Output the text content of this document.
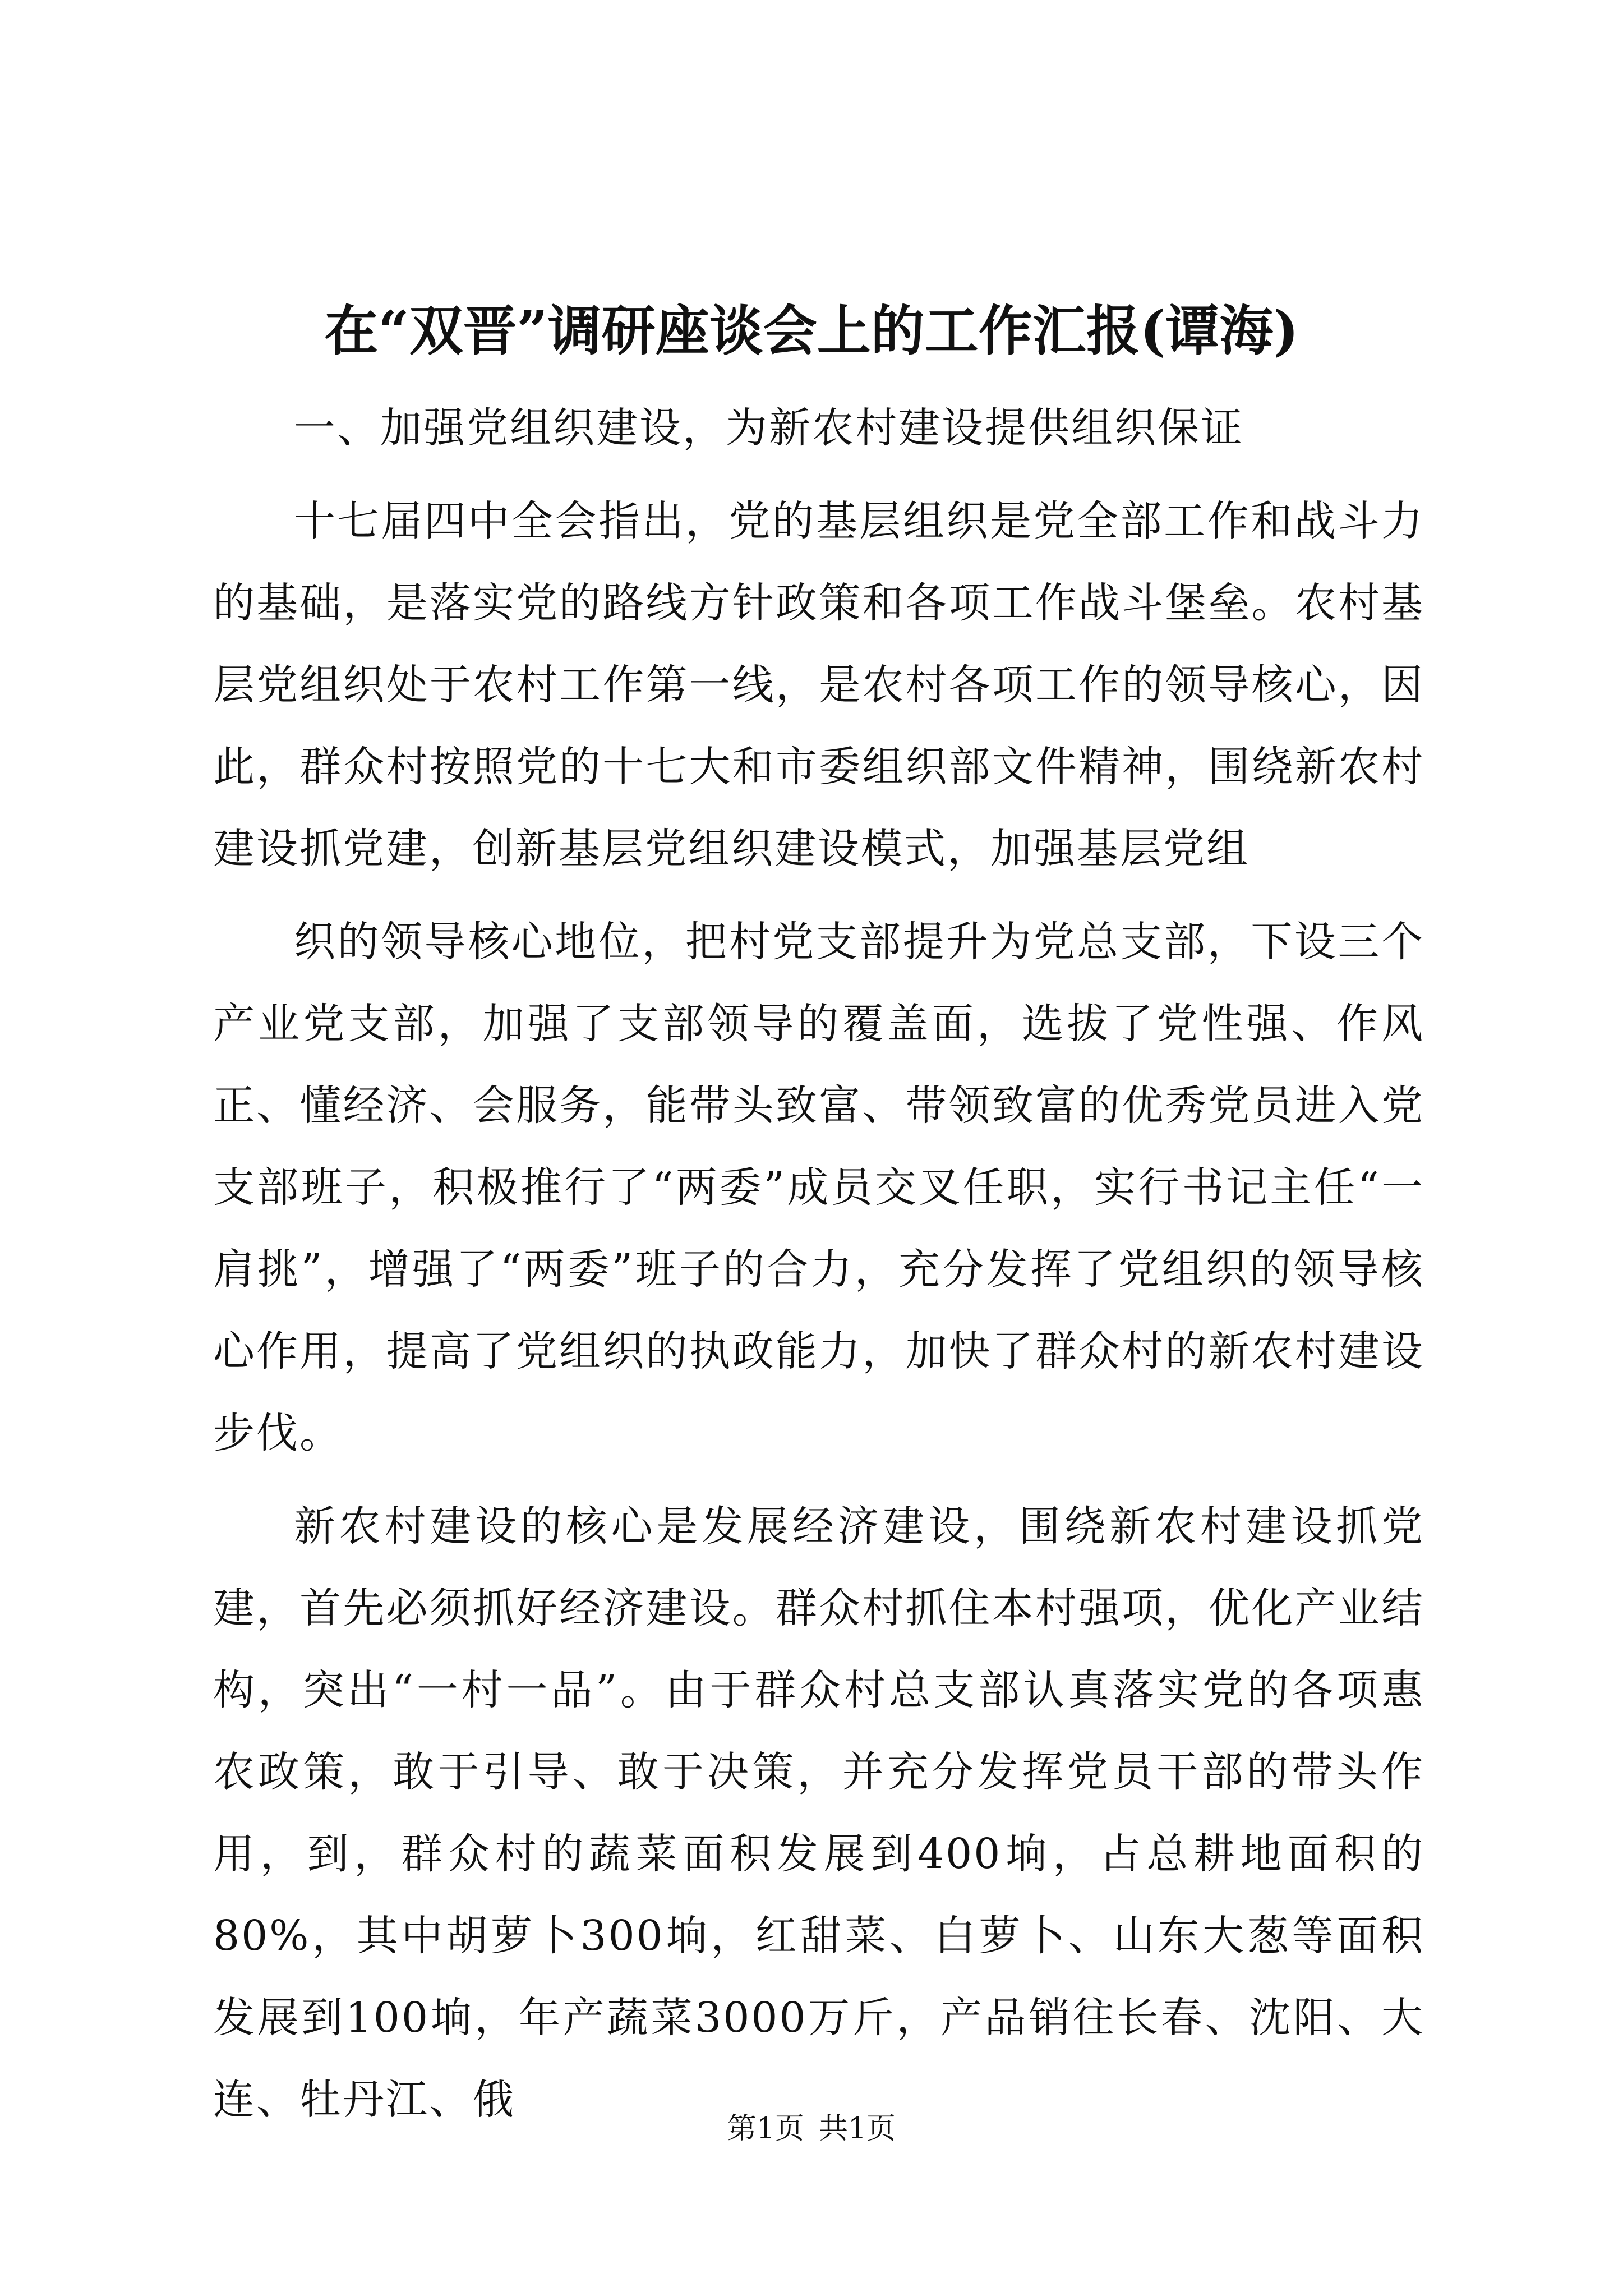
在“双晋”调研座谈会上的工作汇报(谭海)

一、加强党组织建设，为新农村建设提供组织保证

十七届四中全会指出，党的基层组织是党全部工作和战斗力的基础，是落实党的路线方针政策和各项工作战斗堡垒。农村基层党组织处于农村工作第一线，是农村各项工作的领导核心，因此，群众村按照党的十七大和市委组织部文件精神，围绕新农村建设抓党建，创新基层党组织建设模式，加强基层党组

织的领导核心地位，把村党支部提升为党总支部，下设三个产业党支部，加强了支部领导的覆盖面，选拔了党性强、作风正、懂经济、会服务，能带头致富、带领致富的优秀党员进入党支部班子，积极推行了“两委”成员交叉任职，实行书记主任“一肩挑”，增强了“两委”班子的合力，充分发挥了党组织的领导核心作用，提高了党组织的执政能力，加快了群众村的新农村建设步伐。

新农村建设的核心是发展经济建设，围绕新农村建设抓党建，首先必须抓好经济建设。群众村抓住本村强项，优化产业结构，突出“一村一品”。由于群众村总支部认真落实党的各项惠农政策，敢于引导、敢于决策，并充分发挥党员干部的带头作用，到，群众村的蔬菜面积发展到400垧，占总耕地面积的80%，其中胡萝卜300垧，红甜菜、白萝卜、山东大葱等面积发展到100垧，年产蔬菜3000万斤，产品销往长春、沈阳、大连、牡丹江、俄

第1页 共1页
